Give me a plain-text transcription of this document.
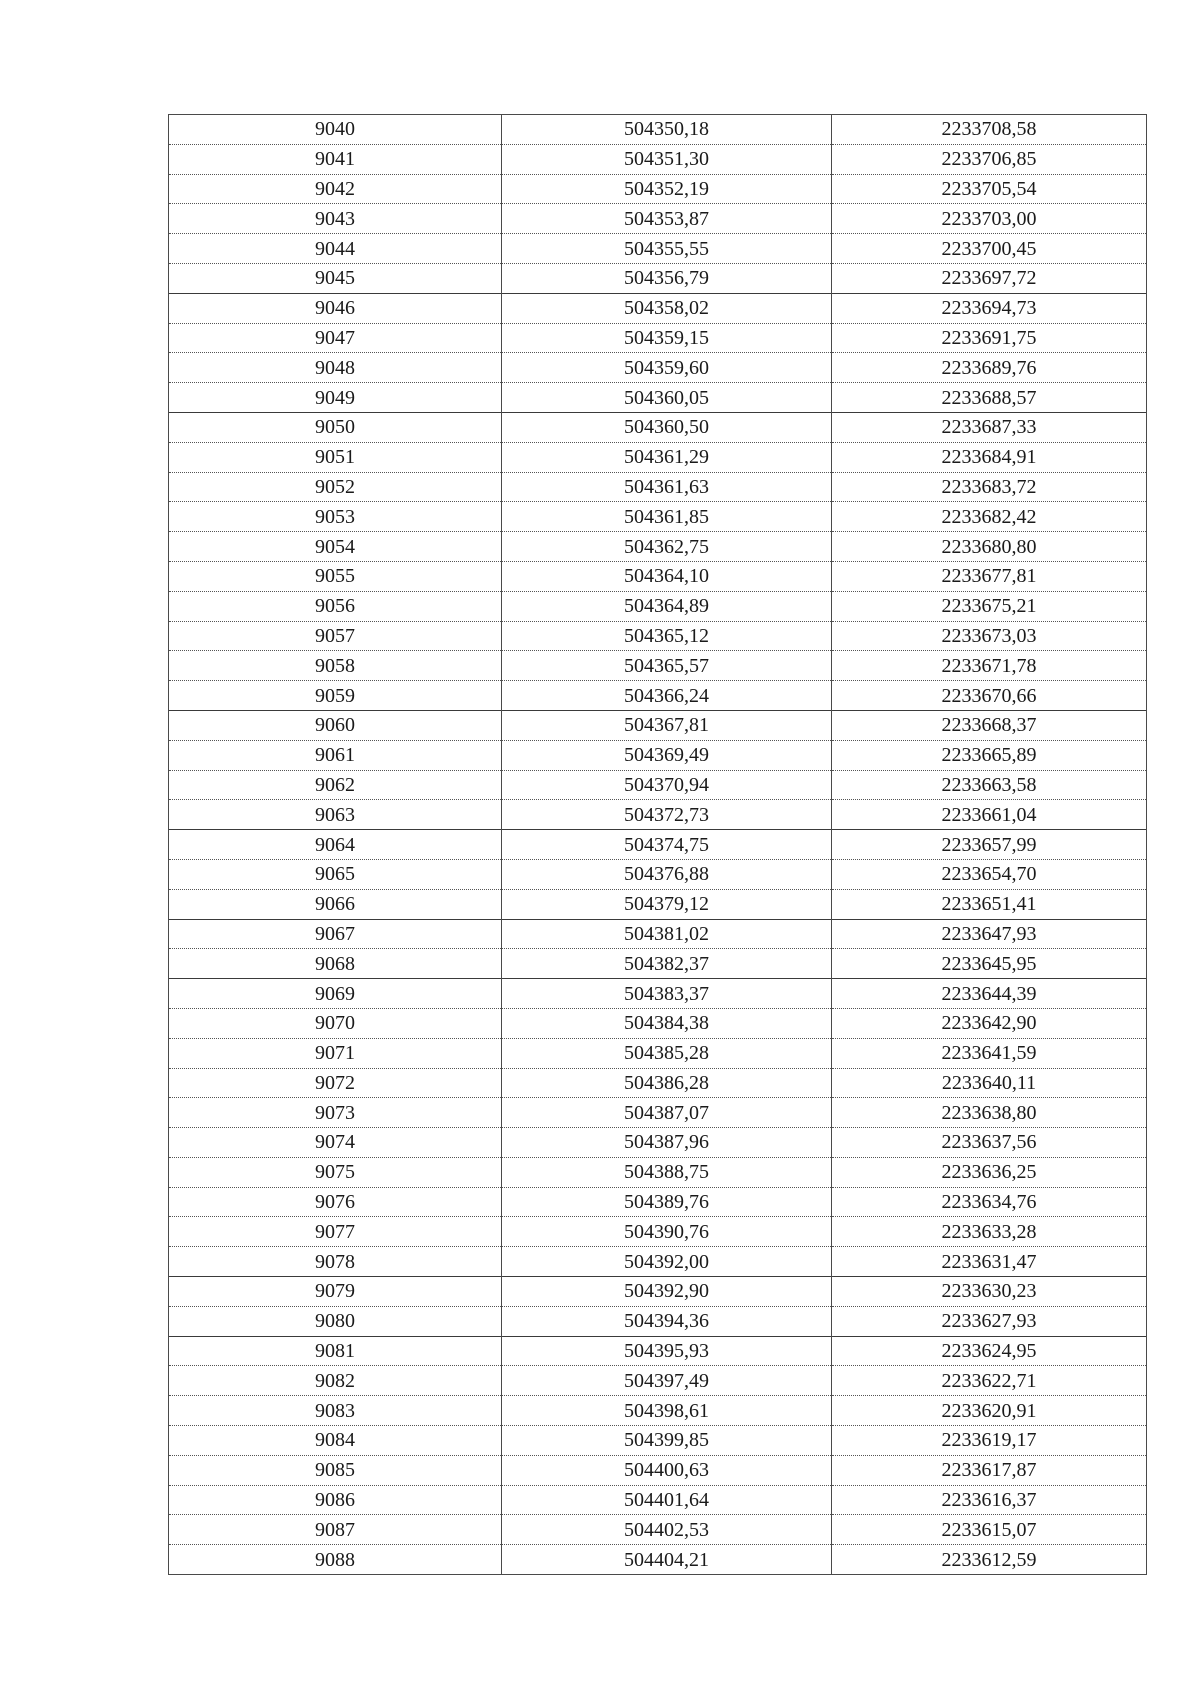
9040	504350,18	2233708,58
9041	504351,30	2233706,85
9042	504352,19	2233705,54
9043	504353,87	2233703,00
9044	504355,55	2233700,45
9045	504356,79	2233697,72
9046	504358,02	2233694,73
9047	504359,15	2233691,75
9048	504359,60	2233689,76
9049	504360,05	2233688,57
9050	504360,50	2233687,33
9051	504361,29	2233684,91
9052	504361,63	2233683,72
9053	504361,85	2233682,42
9054	504362,75	2233680,80
9055	504364,10	2233677,81
9056	504364,89	2233675,21
9057	504365,12	2233673,03
9058	504365,57	2233671,78
9059	504366,24	2233670,66
9060	504367,81	2233668,37
9061	504369,49	2233665,89
9062	504370,94	2233663,58
9063	504372,73	2233661,04
9064	504374,75	2233657,99
9065	504376,88	2233654,70
9066	504379,12	2233651,41
9067	504381,02	2233647,93
9068	504382,37	2233645,95
9069	504383,37	2233644,39
9070	504384,38	2233642,90
9071	504385,28	2233641,59
9072	504386,28	2233640,11
9073	504387,07	2233638,80
9074	504387,96	2233637,56
9075	504388,75	2233636,25
9076	504389,76	2233634,76
9077	504390,76	2233633,28
9078	504392,00	2233631,47
9079	504392,90	2233630,23
9080	504394,36	2233627,93
9081	504395,93	2233624,95
9082	504397,49	2233622,71
9083	504398,61	2233620,91
9084	504399,85	2233619,17
9085	504400,63	2233617,87
9086	504401,64	2233616,37
9087	504402,53	2233615,07
9088	504404,21	2233612,59
